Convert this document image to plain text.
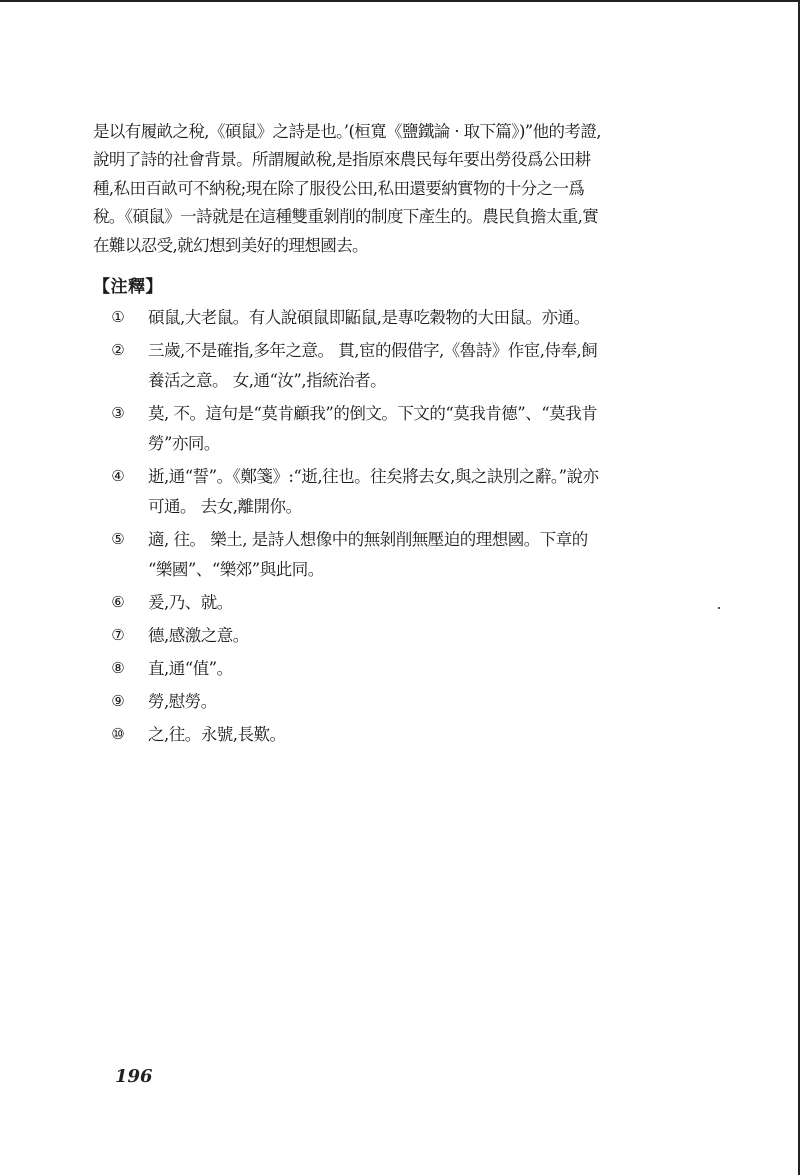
是以有履畝之稅,《碩鼠》之詩是也。’(桓寬《鹽鐵論 · 取下篇》)”他的考證,

說明了詩的社會背景。所謂履畝稅,是指原來農民每年要出勞役爲公田耕

種,私田百畝可不納稅;現在除了服役公田,私田還要納實物的十分之一爲

稅。《碩鼠》一詩就是在這種雙重剝削的制度下產生的。農民負擔太重,實

在難以忍受,就幻想到美好的理想國去。

【注釋】
①	碩鼠,大老鼠。有人說碩鼠即鼫鼠,是專吃穀物的大田鼠。亦通。
②	三歲,不是確指,多年之意。 貫,宦的假借字,《魯詩》作宦,侍奉,飼
養活之意。 女,通“汝”,指統治者。
③	莫, 不。這句是“莫肯顧我”的倒文。下文的“莫我肯德”、“莫我肯
勞”亦同。
④	逝,通“誓”。《鄭箋》:“逝,往也。往矣將去女,與之訣別之辭。”說亦
可通。 去女,離開你。
⑤	適, 往。 樂土, 是詩人想像中的無剝削無壓迫的理想國。下章的
“樂國”、“樂郊”與此同。
⑥	爰,乃、就。
⑦	德,感激之意。
⑧	直,通“值”。
⑨	勞,慰勞。
⑩	之,往。永號,長歎。
196
